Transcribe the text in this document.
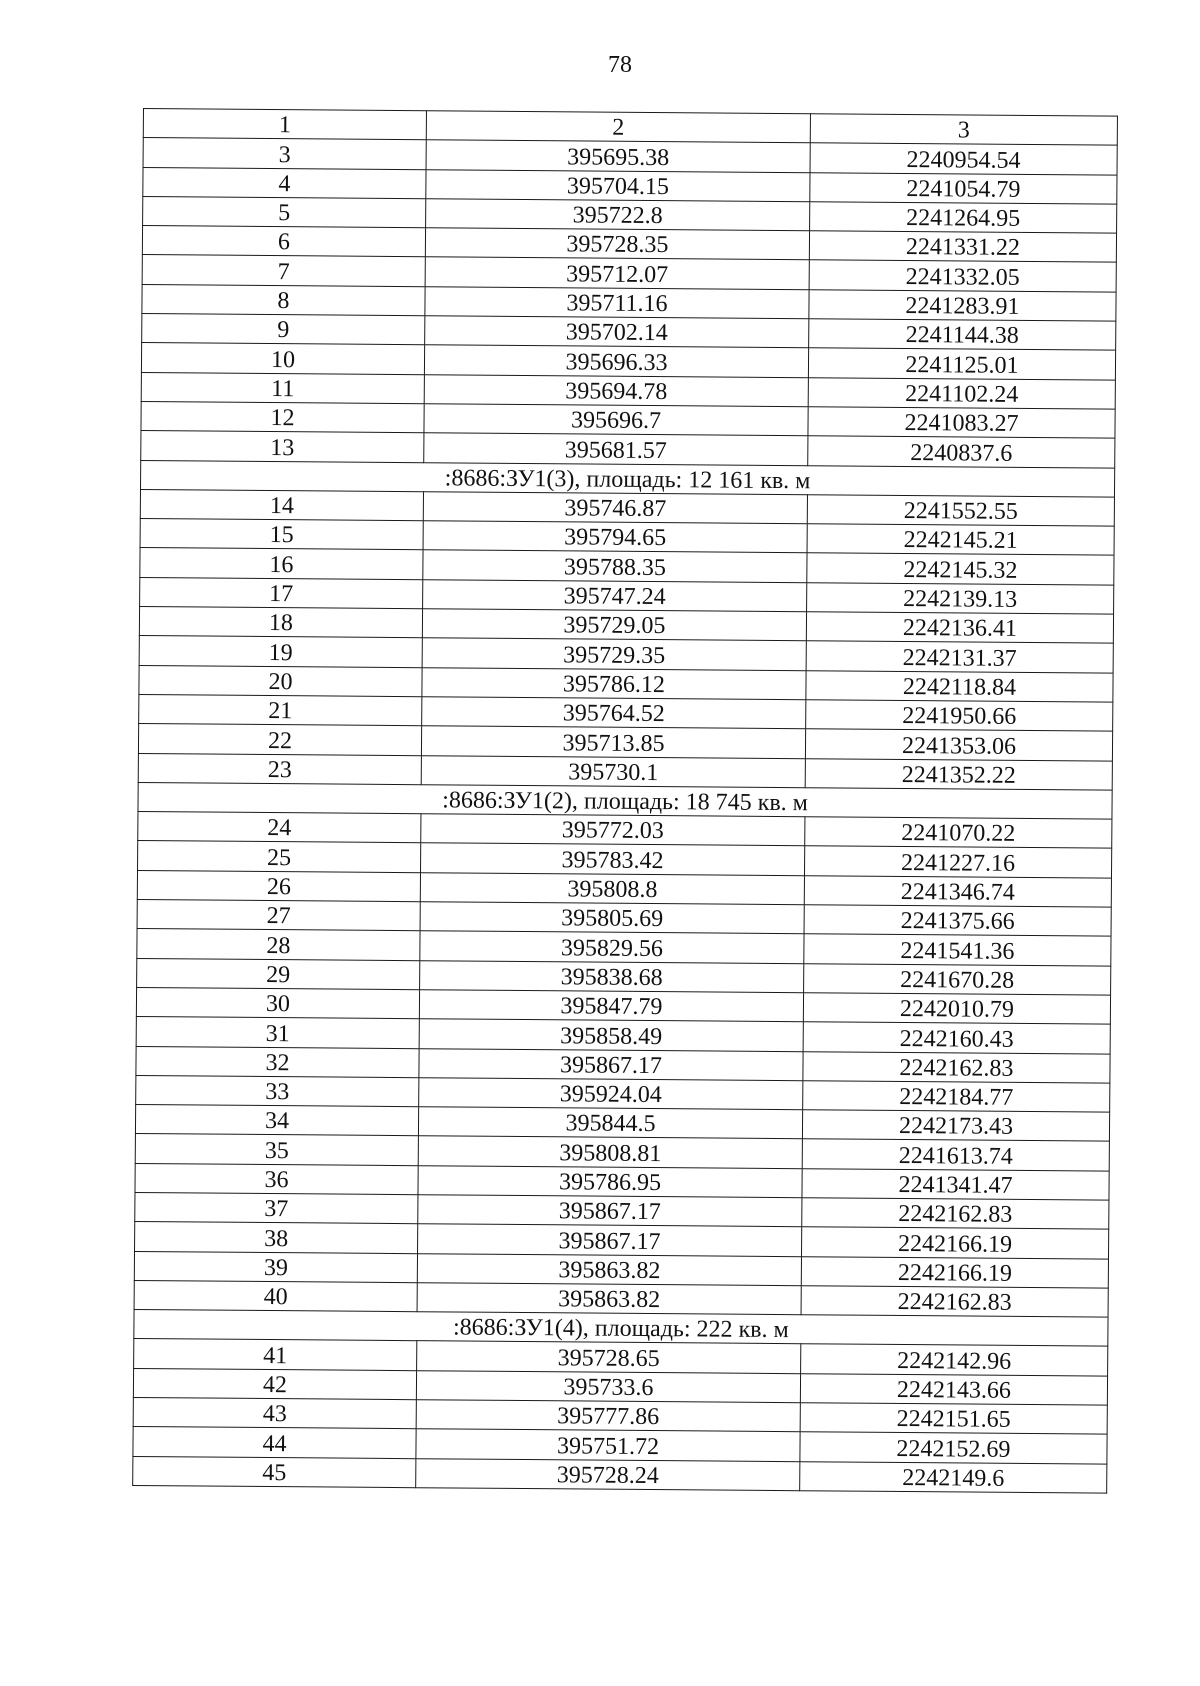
78
1	2	3
3	395695.38	2240954.54
4	395704.15	2241054.79
5	395722.8	2241264.95
6	395728.35	2241331.22
7	395712.07	2241332.05
8	395711.16	2241283.91
9	395702.14	2241144.38
10	395696.33	2241125.01
11	395694.78	2241102.24
12	395696.7	2241083.27
13	395681.57	2240837.6
:8686:ЗУ1(3), площадь: 12 161 кв. м		
14	395746.87	2241552.55
15	395794.65	2242145.21
16	395788.35	2242145.32
17	395747.24	2242139.13
18	395729.05	2242136.41
19	395729.35	2242131.37
20	395786.12	2242118.84
21	395764.52	2241950.66
22	395713.85	2241353.06
23	395730.1	2241352.22
:8686:ЗУ1(2), площадь: 18 745 кв. м		
24	395772.03	2241070.22
25	395783.42	2241227.16
26	395808.8	2241346.74
27	395805.69	2241375.66
28	395829.56	2241541.36
29	395838.68	2241670.28
30	395847.79	2242010.79
31	395858.49	2242160.43
32	395867.17	2242162.83
33	395924.04	2242184.77
34	395844.5	2242173.43
35	395808.81	2241613.74
36	395786.95	2241341.47
37	395867.17	2242162.83
38	395867.17	2242166.19
39	395863.82	2242166.19
40	395863.82	2242162.83
:8686:ЗУ1(4), площадь: 222 кв. м		
41	395728.65	2242142.96
42	395733.6	2242143.66
43	395777.86	2242151.65
44	395751.72	2242152.69
45	395728.24	2242149.6
